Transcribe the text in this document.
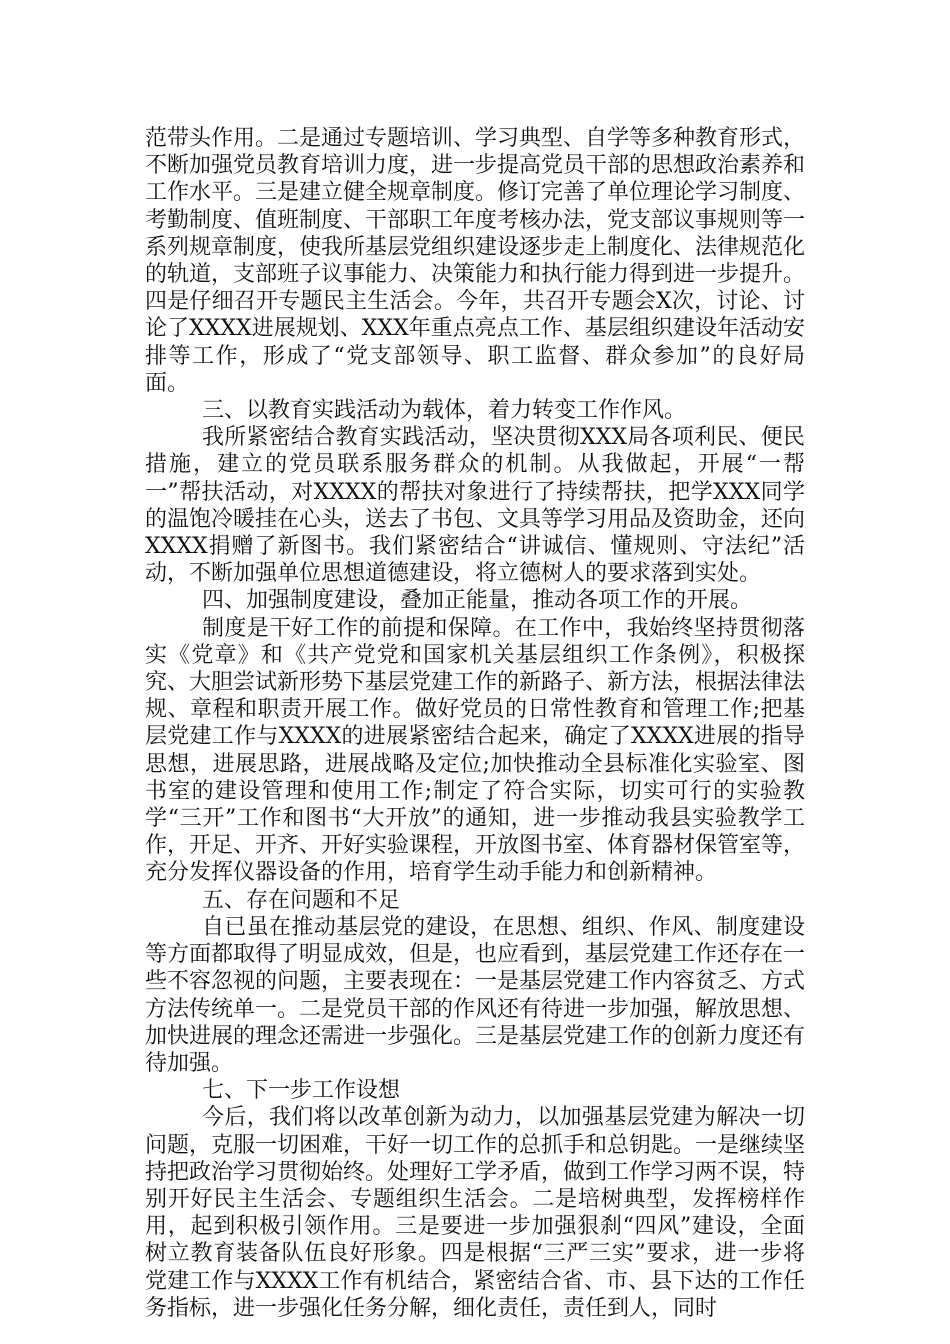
范带头作用。二是通过专题培训、学习典型、自学等多种教育形式，不断加强党员教育培训力度，进一步提高党员干部的思想政治素养和工作水平。三是建立健全规章制度。修订完善了单位理论学习制度、考勤制度、值班制度、干部职工年度考核办法，党支部议事规则等一系列规章制度，使我所基层党组织建设逐步走上制度化、法律规范化的轨道，支部班子议事能力、决策能力和执行能力得到进一步提升。四是仔细召开专题民主生活会。今年，共召开专题会X次，讨论、讨论了XXXX进展规划、XXX年重点亮点工作、基层组织建设年活动安排等工作，形成了“党支部领导、职工监督、群众参加”的良好局面。

三、以教育实践活动为载体，着力转变工作作风。

我所紧密结合教育实践活动，坚决贯彻XXX局各项利民、便民措施，建立的党员联系服务群众的机制。从我做起，开展“一帮一”帮扶活动，对XXXX的帮扶对象进行了持续帮扶，把学XXX同学的温饱冷暖挂在心头，送去了书包、文具等学习用品及资助金，还向XXXX捐赠了新图书。我们紧密结合“讲诚信、懂规则、守法纪”活动，不断加强单位思想道德建设，将立德树人的要求落到实处。

四、加强制度建设，叠加正能量，推动各项工作的开展。

制度是干好工作的前提和保障。在工作中，我始终坚持贯彻落实《党章》和《共产党党和国家机关基层组织工作条例》，积极探究、大胆尝试新形势下基层党建工作的新路子、新方法，根据法律法规、章程和职责开展工作。做好党员的日常性教育和管理工作;把基层党建工作与XXXX的进展紧密结合起来，确定了XXXX进展的指导思想，进展思路，进展战略及定位;加快推动全县标准化实验室、图书室的建设管理和使用工作;制定了符合实际，切实可行的实验教学“三开”工作和图书“大开放”的通知，进一步推动我县实验教学工作，开足、开齐、开好实验课程，开放图书室、体育器材保管室等，充分发挥仪器设备的作用，培育学生动手能力和创新精神。

五、存在问题和不足

自已虽在推动基层党的建设，在思想、组织、作风、制度建设等方面都取得了明显成效，但是，也应看到，基层党建工作还存在一些不容忽视的问题，主要表现在：一是基层党建工作内容贫乏、方式方法传统单一。二是党员干部的作风还有待进一步加强，解放思想、加快进展的理念还需进一步强化。三是基层党建工作的创新力度还有待加强。

七、下一步工作设想

今后，我们将以改革创新为动力，以加强基层党建为解决一切问题，克服一切困难，干好一切工作的总抓手和总钥匙。一是继续坚持把政治学习贯彻始终。处理好工学矛盾，做到工作学习两不误，特别开好民主生活会、专题组织生活会。二是培树典型，发挥榜样作用，起到积极引领作用。三是要进一步加强狠刹“四风”建设，全面树立教育装备队伍良好形象。四是根据“三严三实”要求，进一步将党建工作与XXXX工作有机结合，紧密结合省、市、县下达的工作任务指标，进一步强化任务分解，细化责任，责任到人，同时
